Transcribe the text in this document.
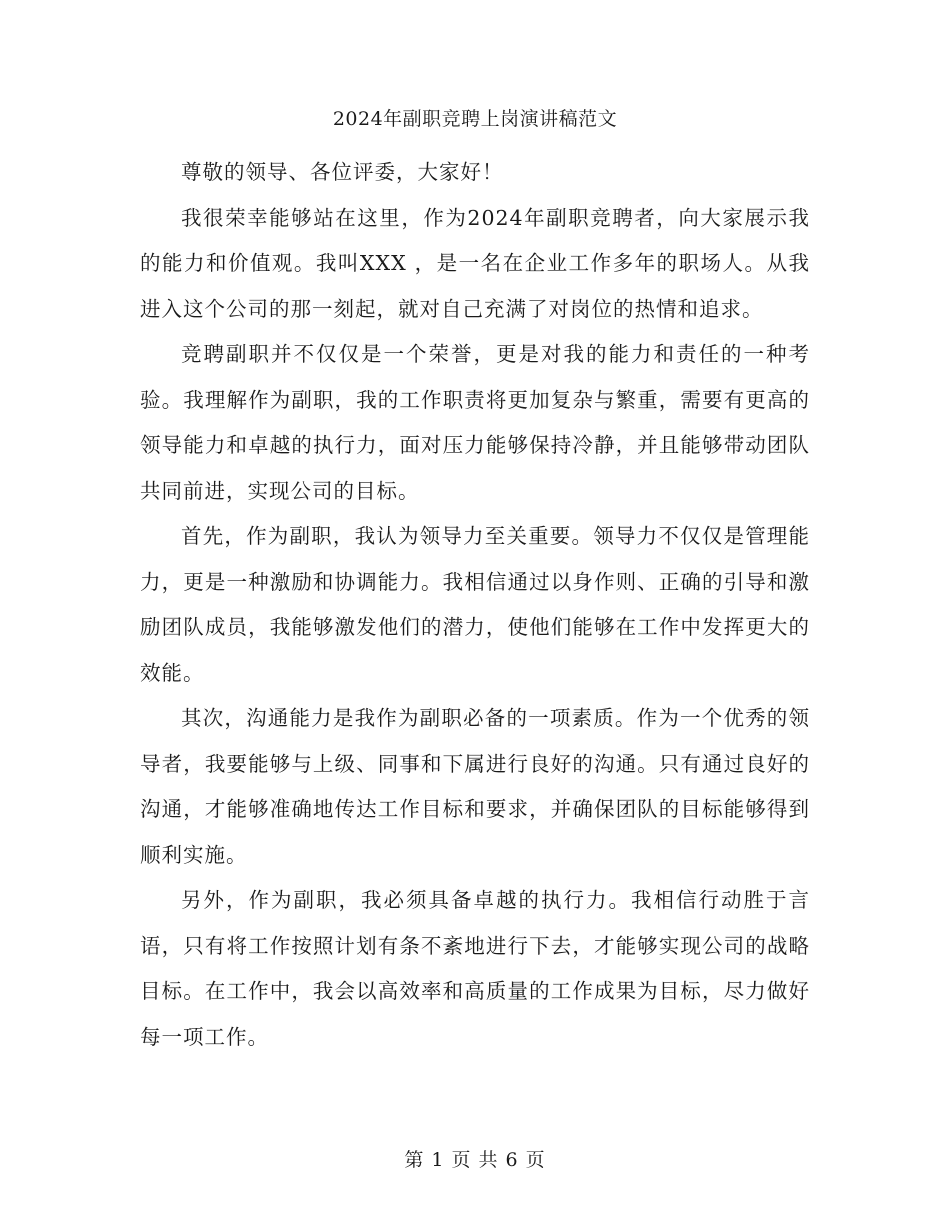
2024年副职竞聘上岗演讲稿范文

尊敬的领导、各位评委，大家好！

我很荣幸能够站在这里，作为2024年副职竞聘者，向大家展示我的能力和价值观。我叫XXX ，是一名在企业工作多年的职场人。从我进入这个公司的那一刻起，就对自己充满了对岗位的热情和追求。

竞聘副职并不仅仅是一个荣誉，更是对我的能力和责任的一种考验。我理解作为副职，我的工作职责将更加复杂与繁重，需要有更高的领导能力和卓越的执行力，面对压力能够保持冷静，并且能够带动团队共同前进，实现公司的目标。

首先，作为副职，我认为领导力至关重要。领导力不仅仅是管理能力，更是一种激励和协调能力。我相信通过以身作则、正确的引导和激励团队成员，我能够激发他们的潜力，使他们能够在工作中发挥更大的效能。

其次，沟通能力是我作为副职必备的一项素质。作为一个优秀的领导者，我要能够与上级、同事和下属进行良好的沟通。只有通过良好的沟通，才能够准确地传达工作目标和要求，并确保团队的目标能够得到顺利实施。

另外，作为副职，我必须具备卓越的执行力。我相信行动胜于言语，只有将工作按照计划有条不紊地进行下去，才能够实现公司的战略目标。在工作中，我会以高效率和高质量的工作成果为目标，尽力做好每一项工作。

第 1 页 共 6 页
